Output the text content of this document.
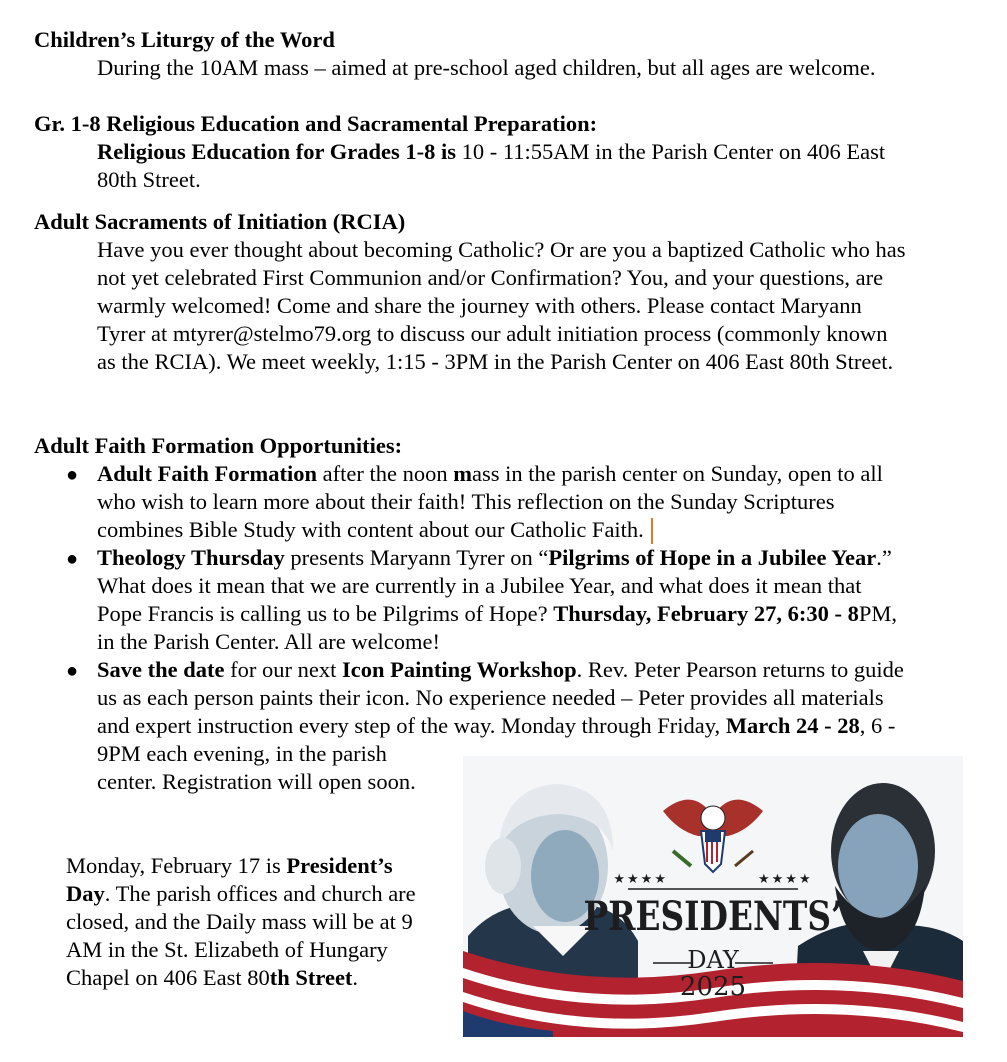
Children’s Liturgy of the Word
During the 10AM mass – aimed at pre-school aged children, but all ages are welcome.
Gr. 1-8 Religious Education and Sacramental Preparation:
Religious Education for Grades 1-8 is 10 - 11:55AM in the Parish Center on 406 East
80th Street.
Adult Sacraments of Initiation (RCIA)
Have you ever thought about becoming Catholic? Or are you a baptized Catholic who has
not yet celebrated First Communion and/or Confirmation? You, and your questions, are
warmly welcomed! Come and share the journey with others. Please contact Maryann
Tyrer at mtyrer@stelmo79.org to discuss our adult initiation process (commonly known
as the RCIA). We meet weekly, 1:15 - 3PM in the Parish Center on 406 East 80th Street.
Adult Faith Formation Opportunities:
● Adult Faith Formation after the noon mass in the parish center on Sunday, open to all
who wish to learn more about their faith! This reflection on the Sunday Scriptures
combines Bible Study with content about our Catholic Faith.
● Theology Thursday presents Maryann Tyrer on “Pilgrims of Hope in a Jubilee Year.”
What does it mean that we are currently in a Jubilee Year, and what does it mean that
Pope Francis is calling us to be Pilgrims of Hope? Thursday, February 27, 6:30 - 8PM,
in the Parish Center. All are welcome!
● Save the date for our next Icon Painting Workshop. Rev. Peter Pearson returns to guide
us as each person paints their icon. No experience needed – Peter provides all materials
and expert instruction every step of the way. Monday through Friday, March 24 - 28, 6 -
9PM each evening, in the parish
center. Registration will open soon.
Monday, February 17 is President’s
Day. The parish offices and church are
closed, and the Daily mass will be at 9
AM in the St. Elizabeth of Hungary
Chapel on 406 East 80th Street.
★★★★	★★★★
PRESIDENTS’
DAY
2025
